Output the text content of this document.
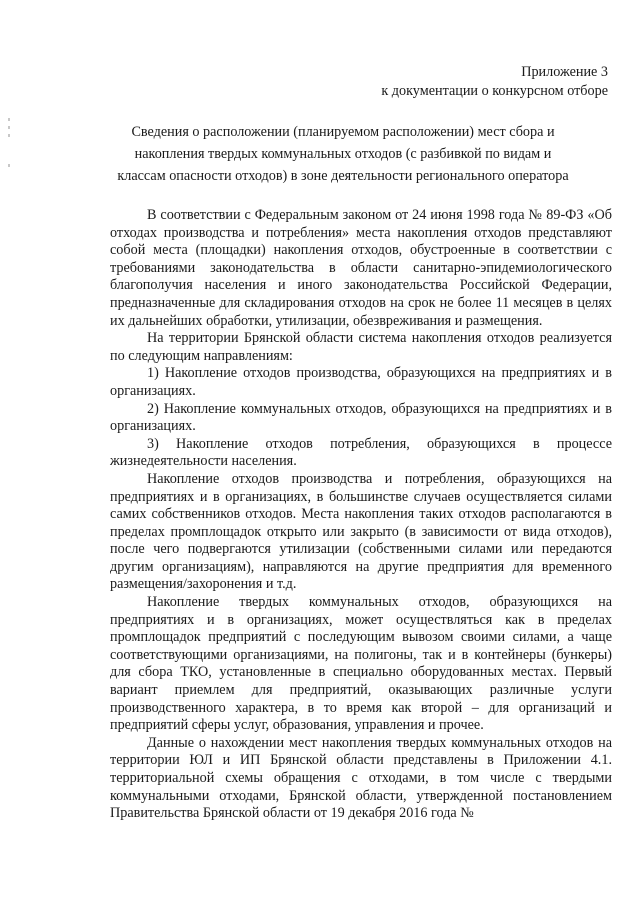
Приложение 3
к документации о конкурсном отборе
Сведения о расположении (планируемом расположении) мест сбора и накопления твердых коммунальных отходов (с разбивкой по видам и классам опасности отходов) в зоне деятельности регионального оператора

В соответствии с Федеральным законом от 24 июня 1998 года № 89-ФЗ «Об отходах производства и потребления» места накопления отходов представляют собой места (площадки) накопления отходов, обустроенные в соответствии с требованиями законодательства в области санитарно-эпидемиологического благополучия населения и иного законодательства Российской Федерации, предназначенные для складирования отходов на срок не более 11 месяцев в целях их дальнейших обработки, утилизации, обезвреживания и размещения.

На территории Брянской области система накопления отходов реализуется по следующим направлениям:

1) Накопление отходов производства, образующихся на предприятиях и в организациях.

2) Накопление коммунальных отходов, образующихся на предприятиях и в организациях.

3) Накопление отходов потребления, образующихся в процессе жизнедеятельности населения.

Накопление отходов производства и потребления, образующихся на предприятиях и в организациях, в большинстве случаев осуществляется силами самих собственников отходов. Места накопления таких отходов располагаются в пределах промплощадок открыто или закрыто (в зависимости от вида отходов), после чего подвергаются утилизации (собственными силами или передаются другим организациям), направляются на другие предприятия для временного размещения/захоронения и т.д.

Накопление твердых коммунальных отходов, образующихся на предприятиях и в организациях, может осуществляться как в пределах промплощадок предприятий с последующим вывозом своими силами, а чаще соответствующими организациями, на полигоны, так и в контейнеры (бункеры) для сбора ТКО, установленные в специально оборудованных местах. Первый вариант приемлем для предприятий, оказывающих различные услуги производственного характера, в то время как второй – для организаций и предприятий сферы услуг, образования, управления и прочее.

Данные о нахождении мест накопления твердых коммунальных отходов на территории ЮЛ и ИП Брянской области представлены в Приложении 4.1. территориальной схемы обращения с отходами, в том числе с твердыми коммунальными отходами, Брянской области, утвержденной постановлением Правительства Брянской области от 19 декабря 2016 года №
